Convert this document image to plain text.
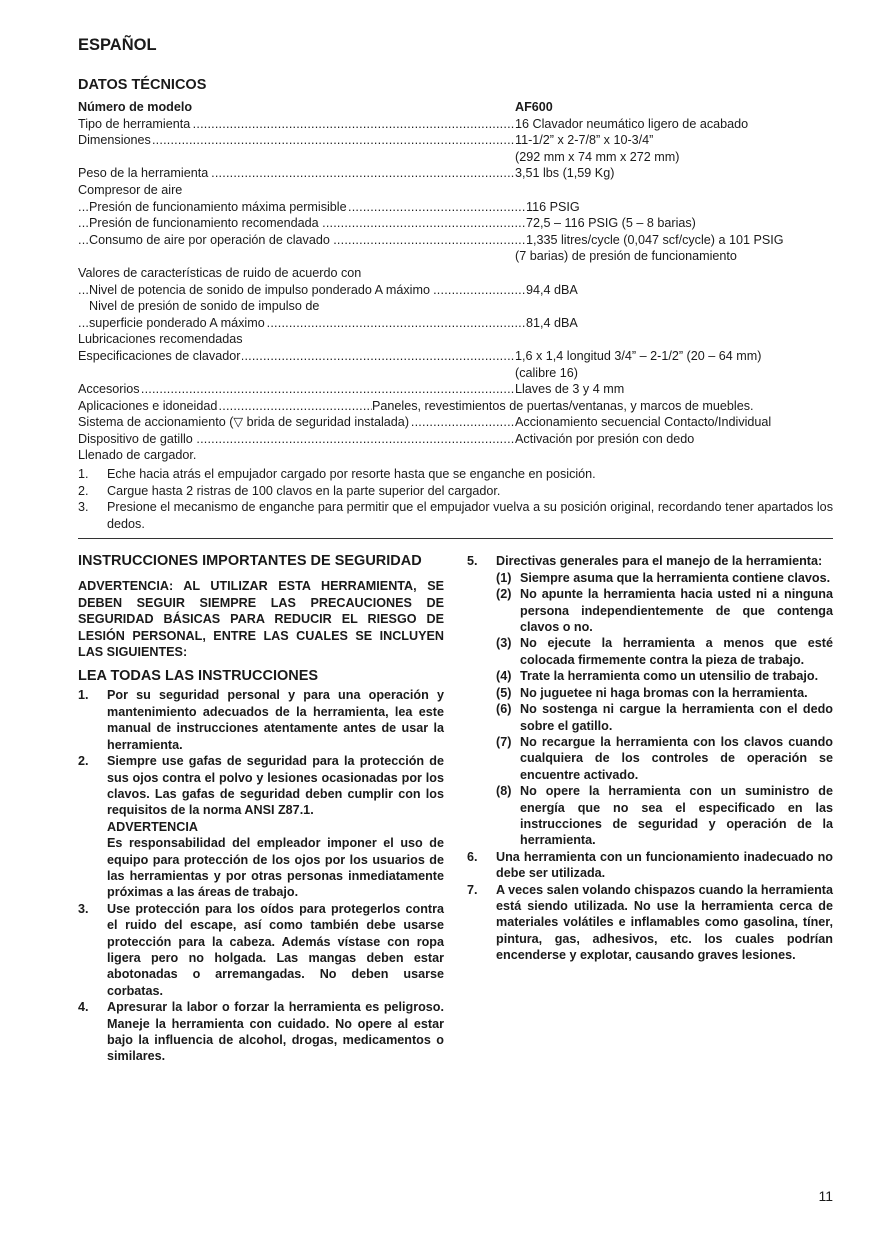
ESPAÑOL
DATOS TÉCNICOS
Número de modelo	AF600
Tipo de herramienta .....	16 Clavador neumático ligero de acabado
Dimensiones .....	11-1/2” x 2-7/8” x 10-3/4”
(292 mm x 74 mm x 272 mm)
Peso de la herramienta .....	3,51 lbs (1,59 Kg)
Compresor de aire
Presión de funcionamiento máxima permisible .....	116 PSIG
Presión de funcionamiento recomendada .....	72,5 – 116 PSIG (5 – 8 barias)
Consumo de aire por operación de clavado .....	1,335 litres/cycle (0,047 scf/cycle) a 101 PSIG
(7 barias) de presión de funcionamiento
Valores de características de ruido de acuerdo con
Nivel de potencia de sonido de impulso ponderado A máximo .....	94,4 dBA
Nivel de presión de sonido de impulso de
superficie ponderado A máximo .....	81,4 dBA
Lubricaciones recomendadas
Especificaciones de clavador .....	1,6 x 1,4 longitud 3/4” – 2-1/2” (20 – 64 mm)
(calibre 16)
Accesorios .....	Llaves de 3 y 4 mm
Aplicaciones e idoneidad .....	Paneles, revestimientos de puertas/ventanas, y marcos de muebles.
Sistema de accionamiento (▽ brida de seguridad instalada) .....	Accionamiento secuencial Contacto/Individual
Dispositivo de gatillo .....	Activación por presión con dedo
Llenado de cargador.
1.	Eche hacia atrás el empujador cargado por resorte hasta que se enganche en posición.
2.	Cargue hasta 2 ristras de 100 clavos en la parte superior del cargador.
3.	Presione el mecanismo de enganche para permitir que el empujador vuelva a su posición original, recordando tener apartados los dedos.
INSTRUCCIONES IMPORTANTES DE SEGURIDAD
ADVERTENCIA: AL UTILIZAR ESTA HERRAMIENTA, SE DEBEN SEGUIR SIEMPRE LAS PRECAUCIONES DE SEGURIDAD BÁSICAS PARA REDUCIR EL RIESGO DE LESIÓN PERSONAL, ENTRE LAS CUALES SE INCLUYEN LAS SIGUIENTES:
LEA TODAS LAS INSTRUCCIONES
1.	Por su seguridad personal y para una operación y mantenimiento adecuados de la herramienta, lea este manual de instrucciones atentamente antes de usar la herramienta.
2.	Siempre use gafas de seguridad para la protección de sus ojos contra el polvo y lesiones ocasionadas por los clavos. Las gafas de seguridad deben cumplir con los requisitos de la norma ANSI Z87.1.
ADVERTENCIA
Es responsabilidad del empleador imponer el uso de equipo para protección de los ojos por los usuarios de las herramientas y por otras personas inmediatamente próximas a las áreas de trabajo.
3.	Use protección para los oídos para protegerlos contra el ruido del escape, así como también debe usarse protección para la cabeza. Además vístase con ropa ligera pero no holgada. Las mangas deben estar abotonadas o arremangadas. No deben usarse corbatas.
4.	Apresurar la labor o forzar la herramienta es peligroso. Maneje la herramienta con cuidado. No opere al estar bajo la influencia de alcohol, drogas, medicamentos o similares.
5.	Directivas generales para el manejo de la herramienta:
(1) Siempre asuma que la herramienta contiene clavos.
(2) No apunte la herramienta hacia usted ni a ninguna persona independientemente de que contenga clavos o no.
(3) No ejecute la herramienta a menos que esté colocada firmemente contra la pieza de trabajo.
(4) Trate la herramienta como un utensilio de trabajo.
(5) No juguetee ni haga bromas con la herramienta.
(6) No sostenga ni cargue la herramienta con el dedo sobre el gatillo.
(7) No recargue la herramienta con los clavos cuando cualquiera de los controles de operación se encuentre activado.
(8) No opere la herramienta con un suministro de energía que no sea el especificado en las instrucciones de seguridad y operación de la herramienta.
6.	Una herramienta con un funcionamiento inadecuado no debe ser utilizada.
7.	A veces salen volando chispazos cuando la herramienta está siendo utilizada. No use la herramienta cerca de materiales volátiles e inflamables como gasolina, tíner, pintura, gas, adhesivos, etc. los cuales podrían encenderse y explotar, causando graves lesiones.
11
